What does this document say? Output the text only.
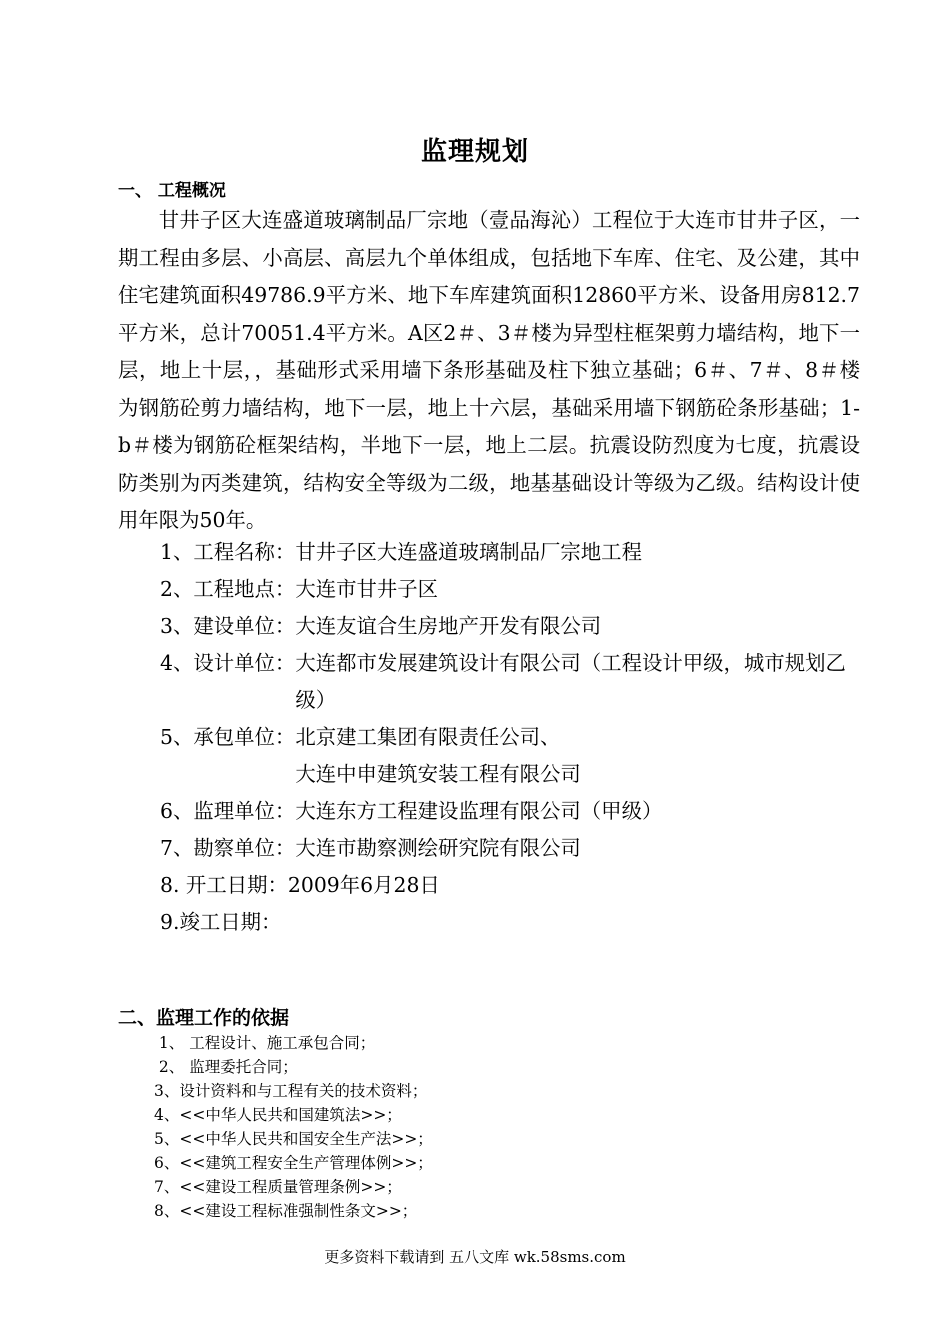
监理规划
一、 工程概况

甘井子区大连盛道玻璃制品厂宗地（壹品海沁）工程位于大连市甘井子区，一期工程由多层、小高层、高层九个单体组成，包括地下车库、住宅、及公建，其中住宅建筑面积49786.9平方米、地下车库建筑面积12860平方米、设备用房812.7平方米，总计70051.4平方米。A区2＃、3＃楼为异型柱框架剪力墙结构，地下一层，地上十层，，基础形式采用墙下条形基础及柱下独立基础；6＃、7＃、8＃楼为钢筋砼剪力墙结构，地下一层，地上十六层，基础采用墙下钢筋砼条形基础；1-b＃楼为钢筋砼框架结构，半地下一层，地上二层。抗震设防烈度为七度，抗震设防类别为丙类建筑，结构安全等级为二级，地基基础设计等级为乙级。结构设计使用年限为50年。

1、工程名称： 甘井子区大连盛道玻璃制品厂宗地工程
2、工程地点： 大连市甘井子区
3、建设单位： 大连友谊合生房地产开发有限公司
4、设计单位： 大连都市发展建筑设计有限公司（工程设计甲级，城市规划乙级）
5、承包单位： 北京建工集团有限责任公司、
大连中申建筑安装工程有限公司
6、监理单位： 大连东方工程建设监理有限公司（甲级）
7、勘察单位： 大连市勘察测绘研究院有限公司
8. 开工日期： 2009年6月28日
9.竣工日期：
二、监理工作的依据
1、 工程设计、施工承包合同；
2、 监理委托合同；
3、设计资料和与工程有关的技术资料；
4、<<中华人民共和国建筑法>>；
5、<<中华人民共和国安全生产法>>；
6、<<建筑工程安全生产管理体例>>；
7、<<建设工程质量管理条例>>；
8、<<建设工程标准强制性条文>>；
更多资料下载请到 五八文库 wk.58sms.com
